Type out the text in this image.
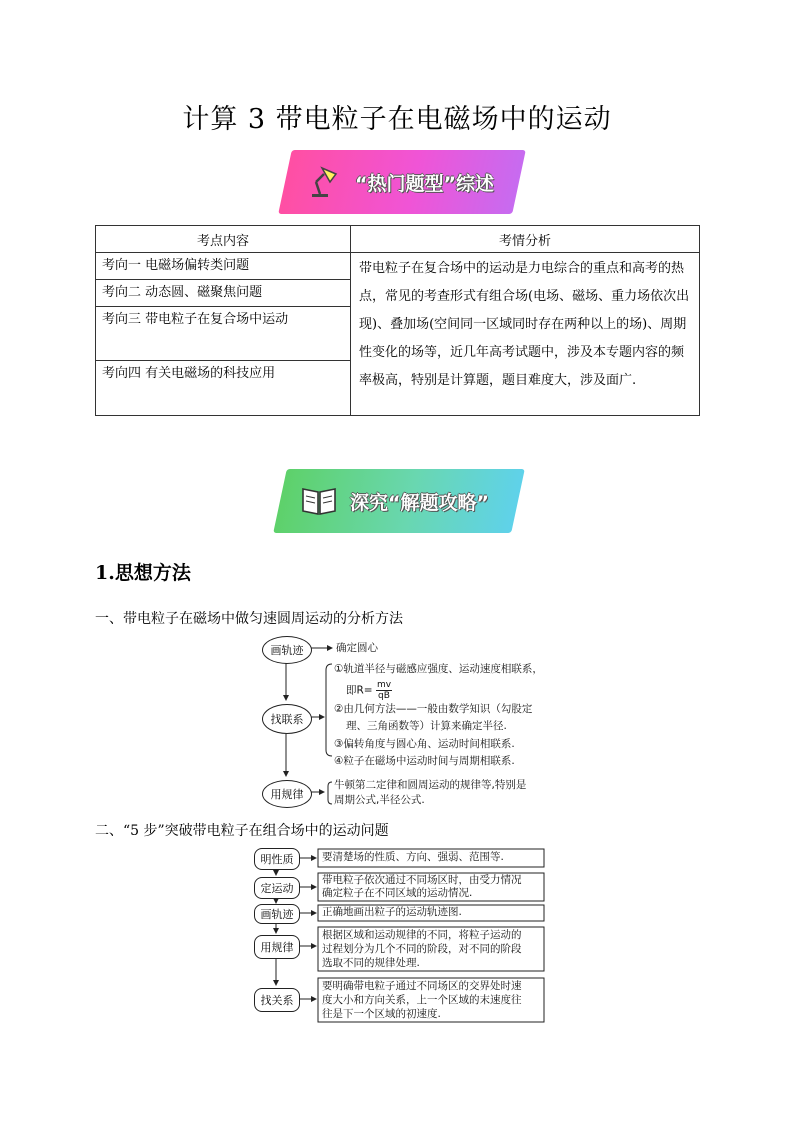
计算 3 带电粒子在电磁场中的运动
“热门题型”综述
考点内容	考情分析
考向一 电磁场偏转类问题	带电粒子在复合场中的运动是力电综合的重点和高考的热点，常见的考查形式有组合场(电场、磁场、重力场依次出现)、叠加场(空间同一区域同时存在两种以上的场)、周期性变化的场等，近几年高考试题中，涉及本专题内容的频率极高，特别是计算题，题目难度大，涉及面广.
考向二 动态圆、磁聚焦问题	
考向三 带电粒子在复合场中运动	
考向四 有关电磁场的科技应用	
深究“解题攻略”
1.思想方法
一、带电粒子在磁场中做匀速圆周运动的分析方法
画轨迹
找联系
用规律
确定圆心
①轨道半径与磁感应强度、运动速度相联系，
即$R= \frac{mv}{qB}$
②由几何方法——一般由数学知识（勾股定
理、三角函数等）计算来确定半径.
③偏转角度与圆心角、运动时间相联系.
④粒子在磁场中运动时间与周期相联系.
牛顿第二定律和圆周运动的规律等,特别是
周期公式,半径公式.
二、“5 步”突破带电粒子在组合场中的运动问题
明性质
定运动
画轨迹
用规律
找关系
要清楚场的性质、方向、强弱、范围等.
带电粒子依次通过不同场区时，由受力情况
确定粒子在不同区域的运动情况.
正确地画出粒子的运动轨迹图.
根据区域和运动规律的不同，将粒子运动的
过程划分为几个不同的阶段，对不同的阶段
选取不同的规律处理.
要明确带电粒子通过不同场区的交界处时速
度大小和方向关系，上一个区域的末速度往
往是下一个区域的初速度.
